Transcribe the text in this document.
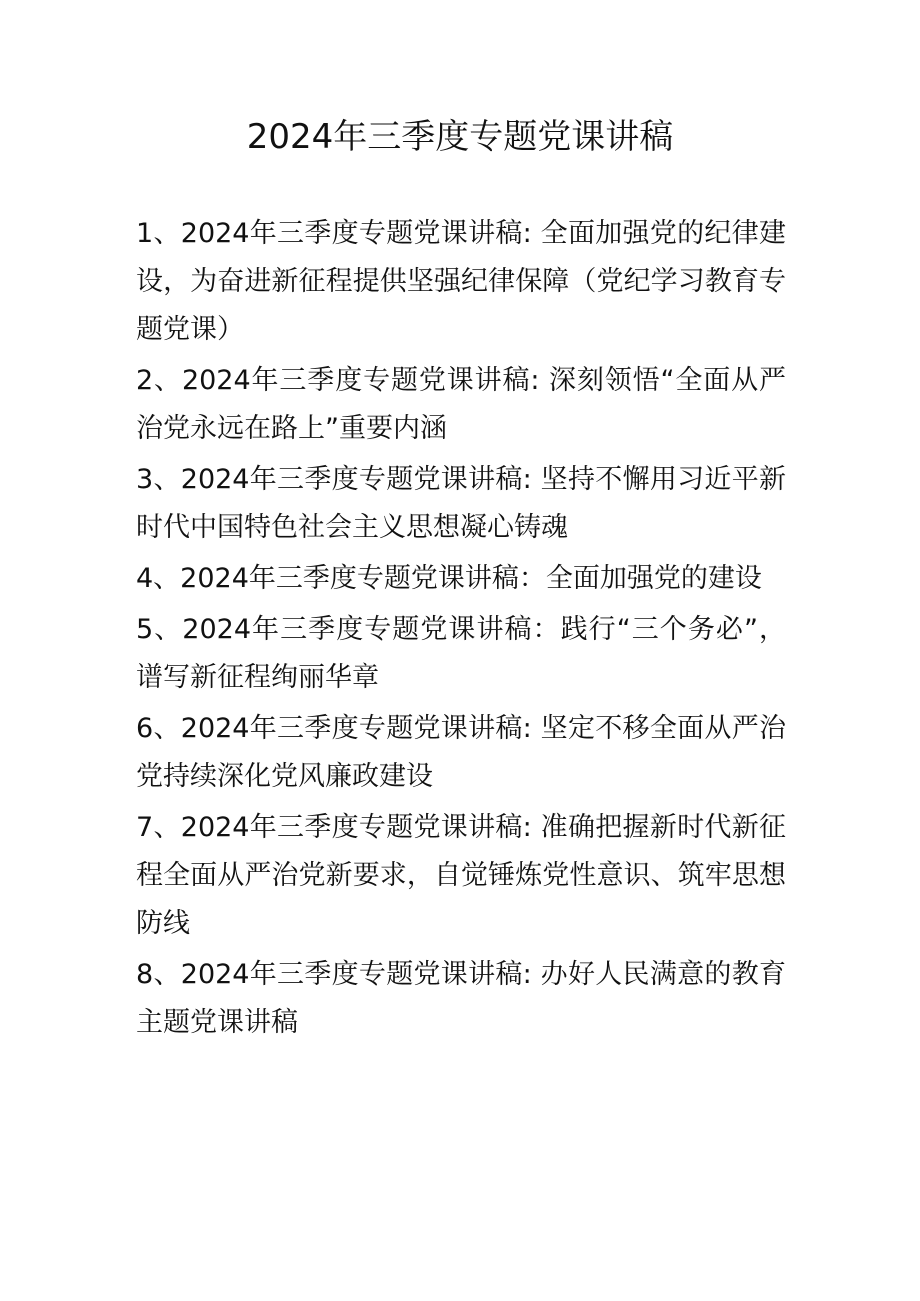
2024年三季度专题党课讲稿
1、2024年三季度专题党课讲稿: 全面加强党的纪律建设，为奋进新征程提供坚强纪律保障（党纪学习教育专题党课）
2、2024年三季度专题党课讲稿: 深刻领悟“全面从严治党永远在路上”重要内涵
3、2024年三季度专题党课讲稿: 坚持不懈用习近平新时代中国特色社会主义思想凝心铸魂
4、2024年三季度专题党课讲稿：全面加强党的建设
5、2024年三季度专题党课讲稿：践行“三个务必”，谱写新征程绚丽华章
6、2024年三季度专题党课讲稿: 坚定不移全面从严治党持续深化党风廉政建设
7、2024年三季度专题党课讲稿: 准确把握新时代新征程全面从严治党新要求，自觉锤炼党性意识、筑牢思想防线
8、2024年三季度专题党课讲稿: 办好人民满意的教育主题党课讲稿
